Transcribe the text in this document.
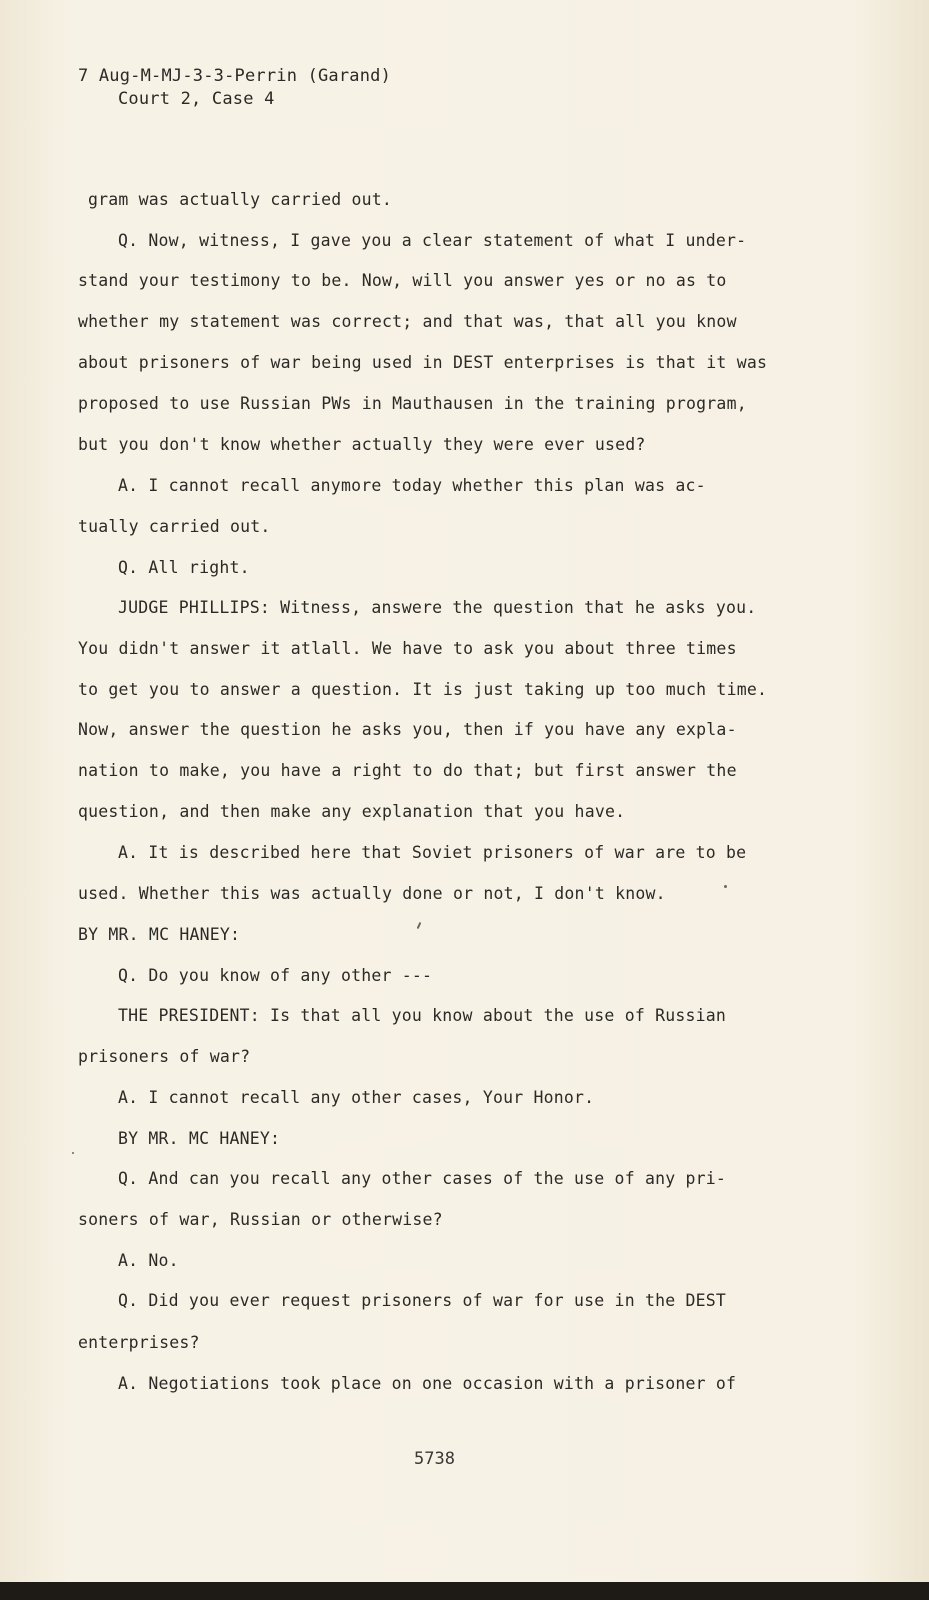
7 Aug-M-MJ-3-3-Perrin (Garand)
Court 2, Case 4
gram was actually carried out.
Q. Now, witness, I gave you a clear statement of what I under-
stand your testimony to be. Now, will you answer yes or no as to
whether my statement was correct; and that was, that all you know
about prisoners of war being used in DEST enterprises is that it was
proposed to use Russian PWs in Mauthausen in the training program,
but you don't know whether actually they were ever used?
A. I cannot recall anymore today whether this plan was ac-
tually carried out.
Q. All right.
JUDGE PHILLIPS: Witness, answere the question that he asks you.
You didn't answer it atlall. We have to ask you about three times
to get you to answer a question. It is just taking up too much time.
Now, answer the question he asks you, then if you have any expla-
nation to make, you have a right to do that; but first answer the
question, and then make any explanation that you have.
A. It is described here that Soviet prisoners of war are to be
used. Whether this was actually done or not, I don't know.
BY MR. MC HANEY:
Q. Do you know of any other ---
THE PRESIDENT: Is that all you know about the use of Russian
prisoners of war?
A. I cannot recall any other cases, Your Honor.
BY MR. MC HANEY:
Q. And can you recall any other cases of the use of any pri-
soners of war, Russian or otherwise?
A. No.
Q. Did you ever request prisoners of war for use in the DEST
enterprises?
A. Negotiations took place on one occasion with a prisoner of
5738
